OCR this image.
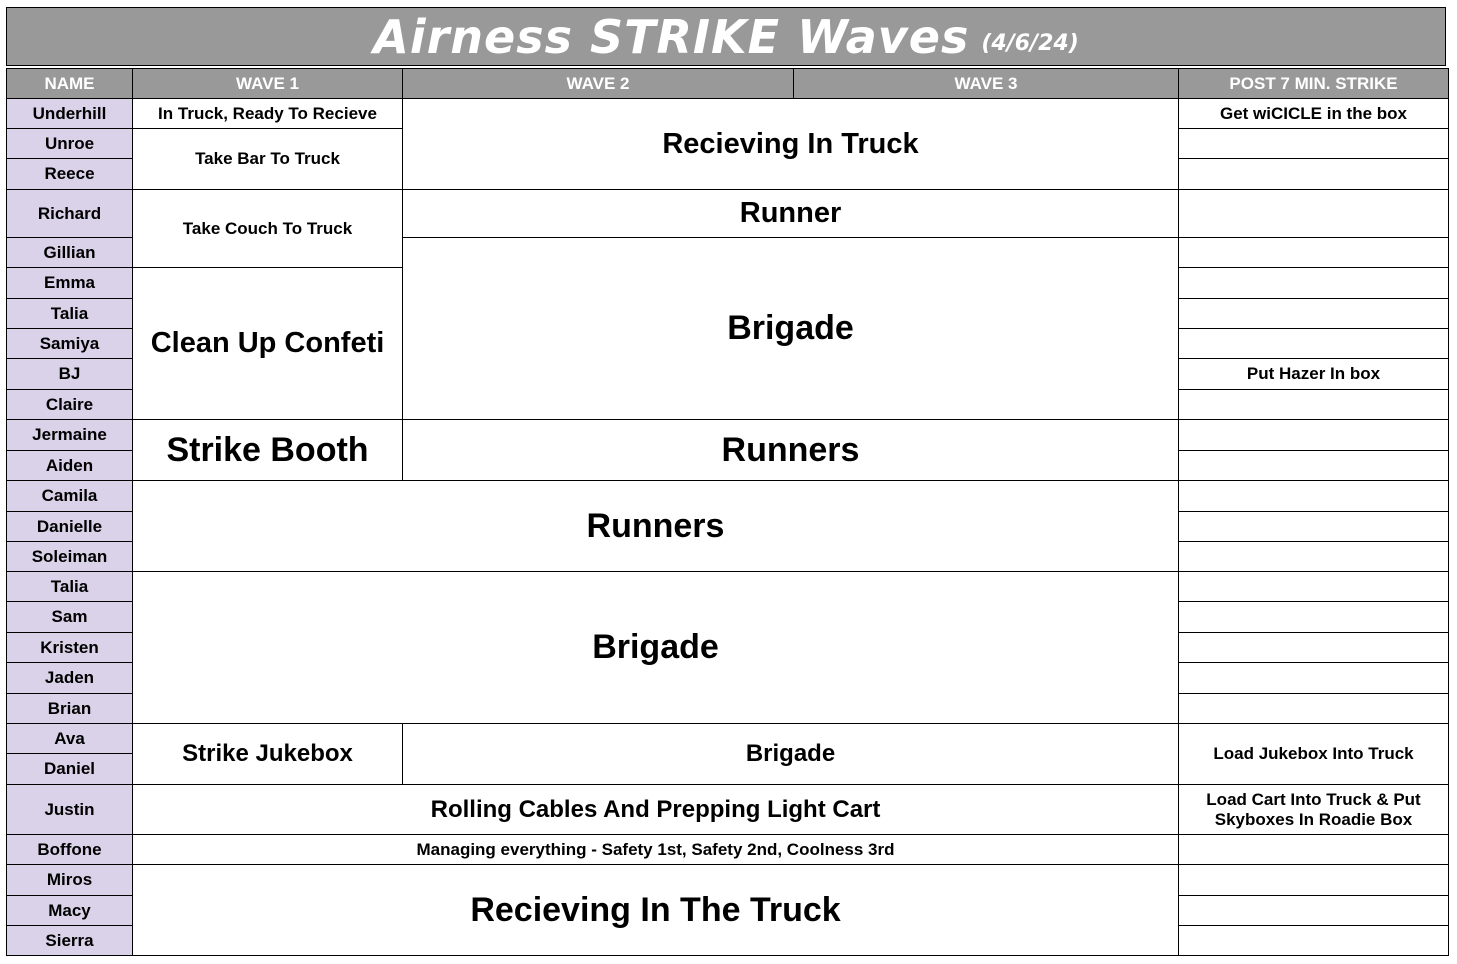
Airness STRIKE Waves (4/6/24)
NAME	WAVE 1	WAVE 2	WAVE 3	POST 7 MIN. STRIKE
Underhill	In Truck, Ready To Recieve	Recieving In Truck		Get wiCICLE in the box
Unroe	Take Bar To Truck			
Reece				
Richard	Take Couch To Truck	Runner		
Gillian		Brigade		
Emma	Clean Up Confeti			
Talia				
Samiya				
BJ				Put Hazer In box
Claire				
Jermaine	Strike Booth	Runners		
Aiden				
Camila	Runners			
Danielle				
Soleiman				
Talia	Brigade			
Sam				
Kristen				
Jaden				
Brian				
Ava	Strike Jukebox	Brigade		Load Jukebox Into Truck
Daniel				
Justin	Rolling Cables And Prepping Light Cart			Load Cart Into Truck & Put Skyboxes In Roadie Box
Boffone	Managing everything - Safety 1st, Safety 2nd, Coolness 3rd			
Miros	Recieving In The Truck			
Macy				
Sierra				
